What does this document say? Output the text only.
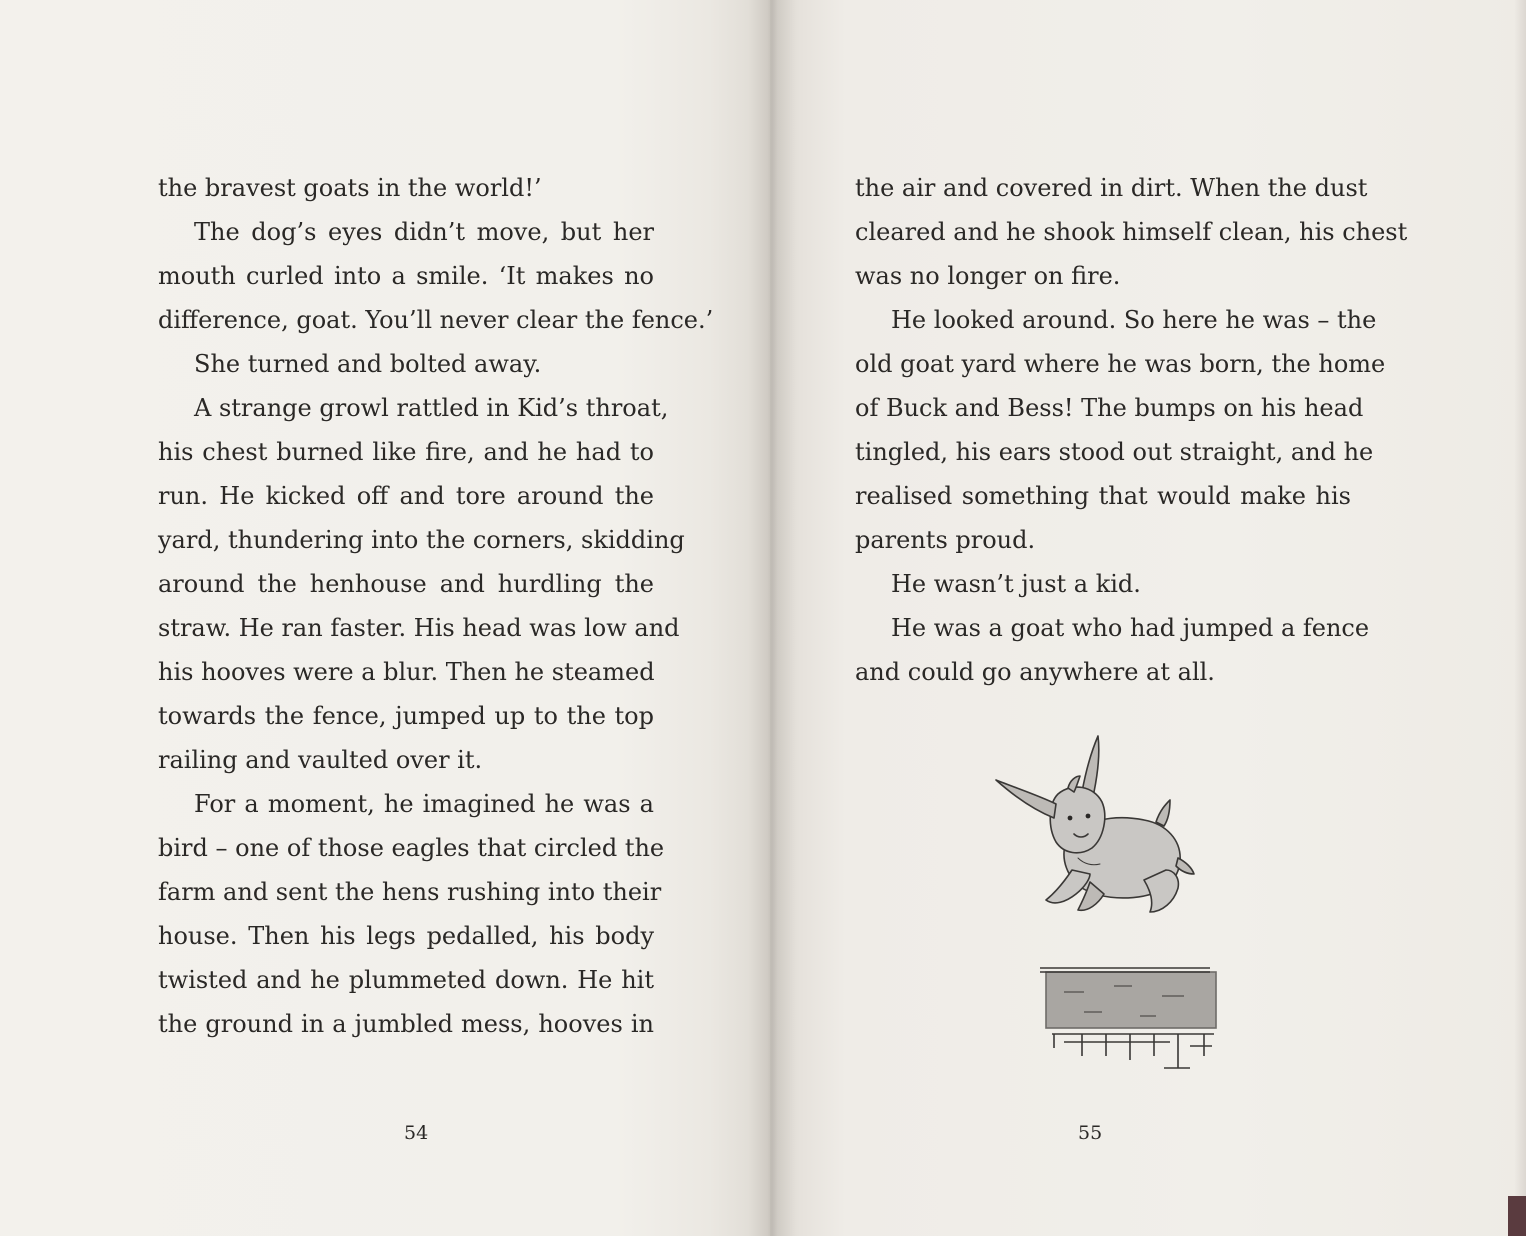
the bravest goats in the world!’
The dog’s eyes didn’t move, but her
mouth curled into a smile. ‘It makes no
difference, goat. You’ll never clear the fence.’
She turned and bolted away.
A strange growl rattled in Kid’s throat,
his chest burned like fire, and he had to
run. He kicked off and tore around the
yard, thundering into the corners, skidding
around the henhouse and hurdling the
straw. He ran faster. His head was low and
his hooves were a blur. Then he steamed
towards the fence, jumped up to the top
railing and vaulted over it.
For a moment, he imagined he was a
bird – one of those eagles that circled the
farm and sent the hens rushing into their
house. Then his legs pedalled, his body
twisted and he plummeted down. He hit
the ground in a jumbled mess, hooves in
54
the air and covered in dirt. When the dust
cleared and he shook himself clean, his chest
was no longer on fire.
He looked around. So here he was – the
old goat yard where he was born, the home
of Buck and Bess! The bumps on his head
tingled, his ears stood out straight, and he
realised something that would make his
parents proud.
He wasn’t just a kid.
He was a goat who had jumped a fence
and could go anywhere at all.
55
